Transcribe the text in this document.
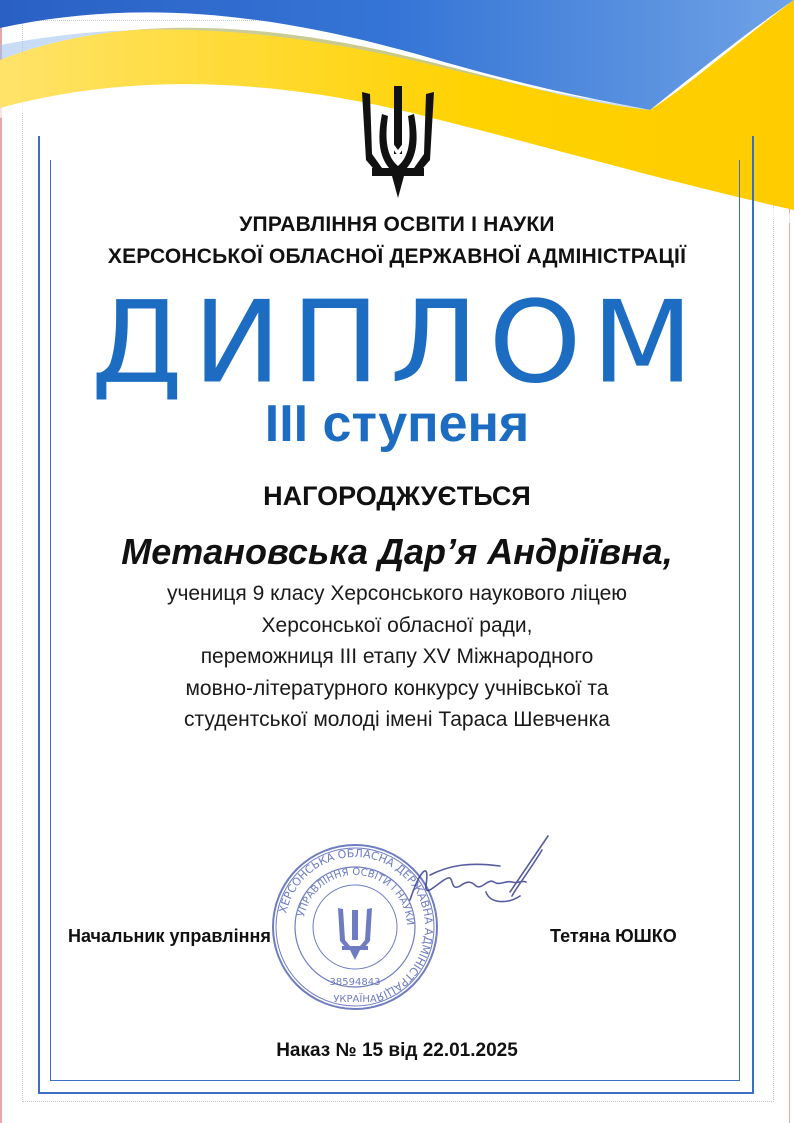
УПРАВЛІННЯ ОСВІТИ І НАУКИ
ХЕРСОНСЬКОЇ ОБЛАСНОЇ ДЕРЖАВНОЇ АДМІНІСТРАЦІЇ
ДИПЛОМ
ІІІ ступеня
НАГОРОДЖУЄТЬСЯ
Метановська Дар’я Андріївна,
учениця 9 класу Херсонського наукового ліцею
Херсонської обласної ради,
переможниця ІІІ етапу XV Міжнародного
мовно-літературного конкурсу учнівської та
студентської молоді імені Тараса Шевченка
ХЕРСОНСЬКА ОБЛАСНА ДЕРЖАВНА АДМІНІСТРАЦІЯ
УПРАВЛІННЯ ОСВІТИ І НАУКИ
38594843
УКРАЇНА
Начальник управління	Тетяна ЮШКО
Наказ № 15 від 22.01.2025
